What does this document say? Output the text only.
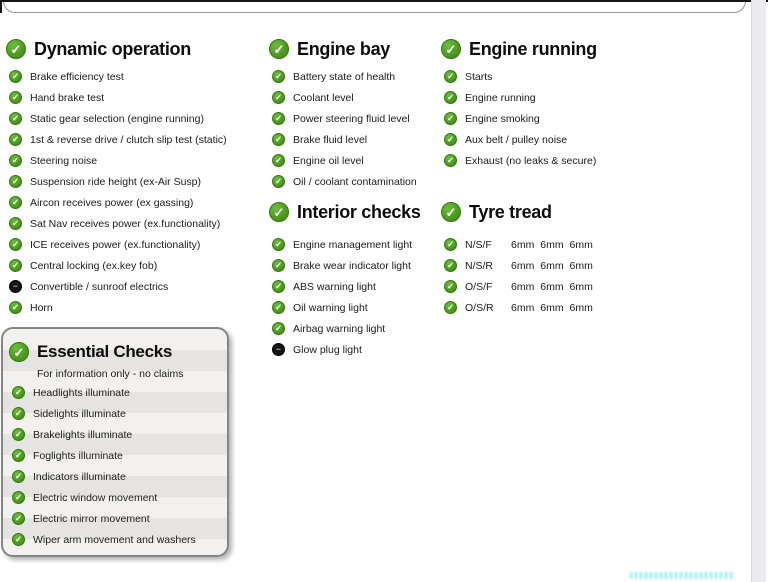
✓ Dynamic operation
✓ Brake efficiency test
✓ Hand brake test
✓ Static gear selection (engine running)
✓ 1st & reverse drive / clutch slip test (static)
✓ Steering noise
✓ Suspension ride height (ex-Air Susp)
✓ Aircon receives power (ex gassing)
✓ Sat Nav receives power (ex.functionality)
✓ ICE receives power (ex.functionality)
✓ Central locking (ex.key fob)
−	Convertible / sunroof electrics
✓ Horn
✓ Engine bay
✓ Battery state of health
✓ Coolant level
✓ Power steering fluid level
✓ Brake fluid level
✓ Engine oil level
✓ Oil / coolant contamination
✓ Engine running
✓ Starts
✓ Engine running
✓ Engine smoking
✓ Aux belt / pulley noise
✓ Exhaust (no leaks & secure)
✓ Interior checks
✓ Engine management light
✓ Brake wear indicator light
✓ ABS warning light
✓ Oil warning light
✓ Airbag warning light
−	Glow plug light
✓ Tyre tread
✓ N/S/F	6mm 6mm 6mm
✓ N/S/R	6mm 6mm 6mm
✓ O/S/F	6mm 6mm 6mm
✓ O/S/R	6mm 6mm 6mm
✓ Essential Checks
For information only - no claims
✓ Headlights illuminate
✓ Sidelights illuminate
✓ Brakelights illuminate
✓ Foglights illuminate
✓ Indicators illuminate
✓ Electric window movement
✓ Electric mirror movement
✓ Wiper arm movement and washers
